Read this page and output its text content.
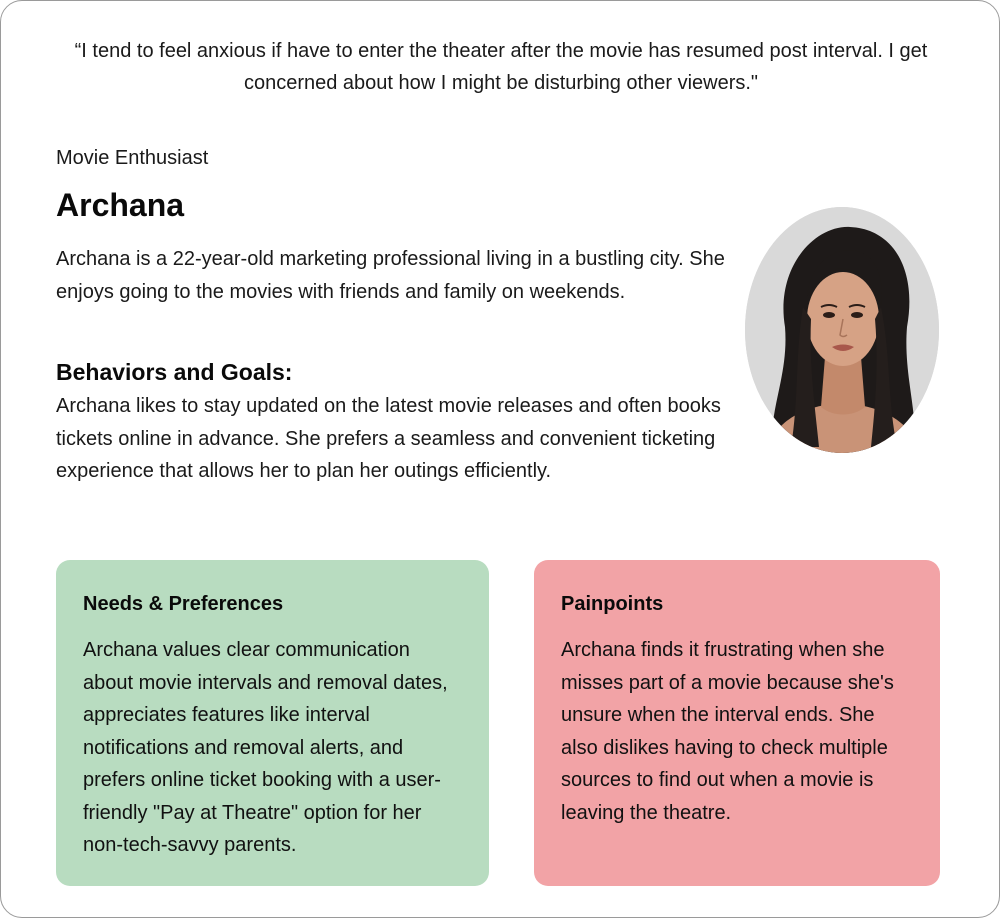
“I tend to feel anxious if have to enter the theater after the movie has resumed post interval. I get concerned about how I might be disturbing other viewers."

Movie Enthusiast
Archana

Archana is a 22-year-old marketing professional living in a bustling city. She enjoys going to the movies with friends and family on weekends.

Behaviors and Goals:

Archana likes to stay updated on the latest movie releases and often books tickets online in advance. She prefers a seamless and convenient ticketing experience that allows her to plan her outings efficiently.

Needs & Preferences

Archana values clear communication about movie intervals and removal dates, appreciates features like interval notifications and removal alerts, and prefers online ticket booking with a user-friendly "Pay at Theatre" option for her non-tech-savvy parents.

Painpoints

Archana finds it frustrating when she misses part of a movie because she's unsure when the interval ends. She also dislikes having to check multiple sources to find out when a movie is leaving the theatre.
